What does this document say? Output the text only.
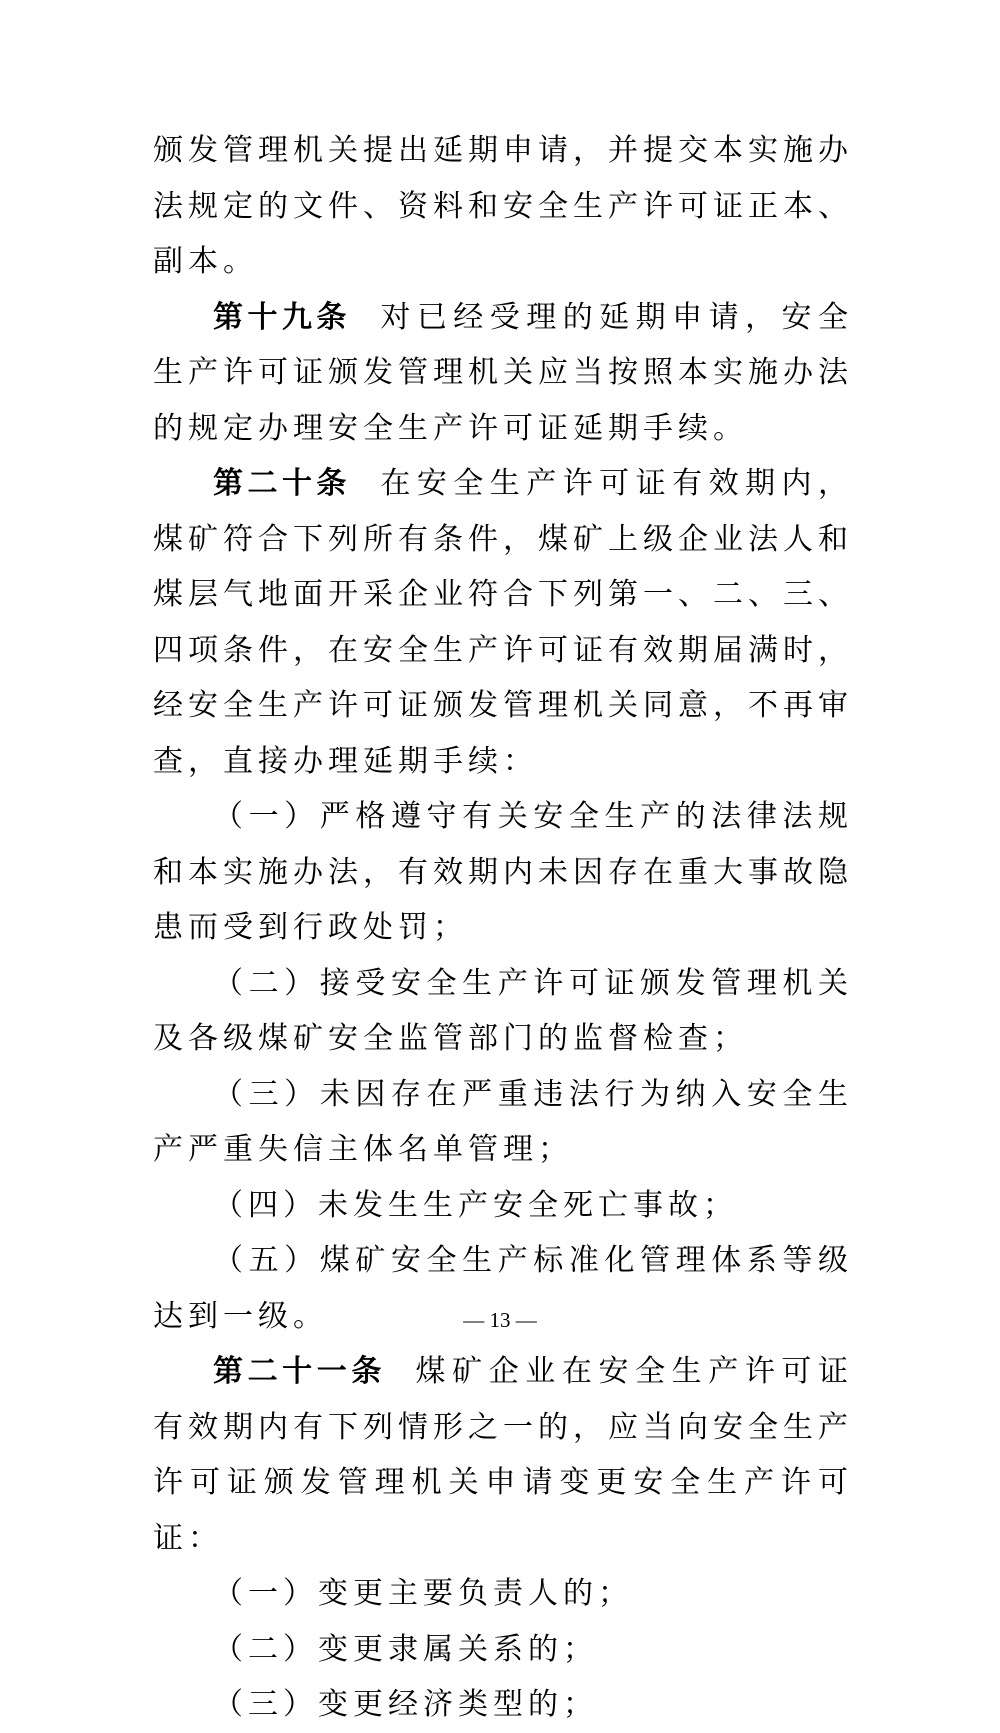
颁发管理机关提出延期申请，并提交本实施办法规定的文件、资料和安全生产许可证正本、副本。

第十九条 对已经受理的延期申请，安全生产许可证颁发管理机关应当按照本实施办法的规定办理安全生产许可证延期手续。

第二十条 在安全生产许可证有效期内，煤矿符合下列所有条件，煤矿上级企业法人和煤层气地面开采企业符合下列第一、二、三、四项条件，在安全生产许可证有效期届满时，经安全生产许可证颁发管理机关同意，不再审查，直接办理延期手续：

（一）严格遵守有关安全生产的法律法规和本实施办法，有效期内未因存在重大事故隐患而受到行政处罚；

（二）接受安全生产许可证颁发管理机关及各级煤矿安全监管部门的监督检查；

（三）未因存在严重违法行为纳入安全生产严重失信主体名单管理；

（四）未发生生产安全死亡事故；

（五）煤矿安全生产标准化管理体系等级达到一级。

第二十一条 煤矿企业在安全生产许可证有效期内有下列情形之一的，应当向安全生产许可证颁发管理机关申请变更安全生产许可证：

（一）变更主要负责人的；

（二）变更隶属关系的；

（三）变更经济类型的；

— 13 —
